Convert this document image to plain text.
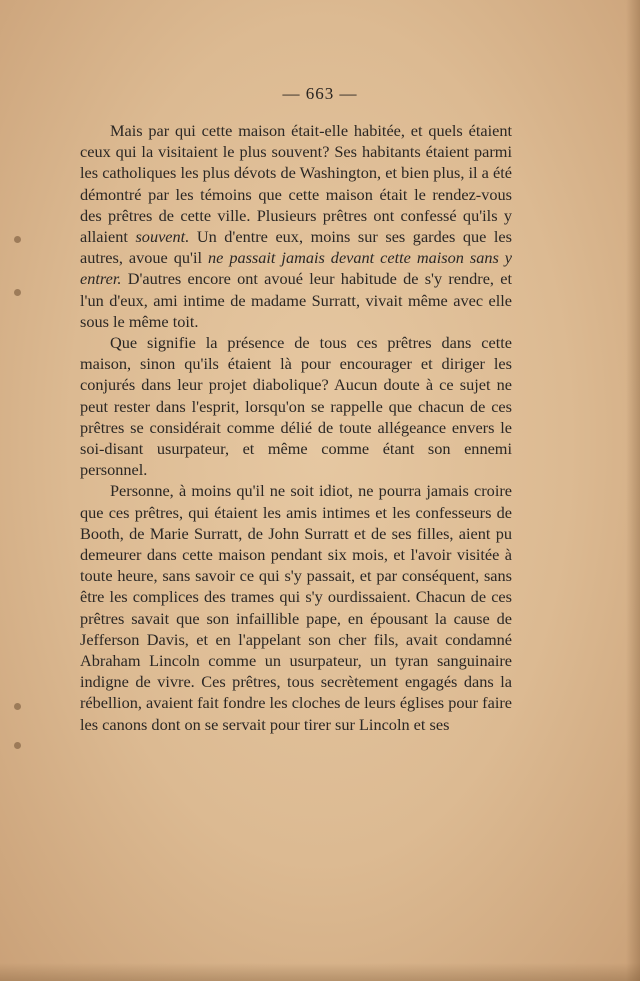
— 663 —

Mais par qui cette maison était-elle habitée, et quels étaient ceux qui la visitaient le plus souvent? Ses habitants étaient parmi les catholiques les plus dévots de Washington, et bien plus, il a été démontré par les témoins que cette maison était le rendez-vous des prêtres de cette ville. Plusieurs prêtres ont confessé qu'ils y allaient souvent. Un d'entre eux, moins sur ses gardes que les autres, avoue qu'il ne passait jamais devant cette maison sans y entrer. D'autres encore ont avoué leur habitude de s'y rendre, et l'un d'eux, ami intime de madame Surratt, vivait même avec elle sous le même toit.

Que signifie la présence de tous ces prêtres dans cette maison, sinon qu'ils étaient là pour encourager et diriger les conjurés dans leur projet diabolique? Aucun doute à ce sujet ne peut rester dans l'esprit, lorsqu'on se rappelle que chacun de ces prêtres se considérait comme délié de toute allégeance envers le soi-disant usurpateur, et même comme étant son ennemi personnel.

Personne, à moins qu'il ne soit idiot, ne pourra jamais croire que ces prêtres, qui étaient les amis intimes et les confesseurs de Booth, de Marie Surratt, de John Surratt et de ses filles, aient pu demeurer dans cette maison pendant six mois, et l'avoir visitée à toute heure, sans savoir ce qui s'y passait, et par conséquent, sans être les complices des trames qui s'y ourdissaient. Chacun de ces prêtres savait que son infaillible pape, en épousant la cause de Jefferson Davis, et en l'appelant son cher fils, avait condamné Abraham Lincoln comme un usurpateur, un tyran sanguinaire indigne de vivre. Ces prêtres, tous secrètement engagés dans la rébellion, avaient fait fondre les cloches de leurs églises pour faire les canons dont on se servait pour tirer sur Lincoln et ses
